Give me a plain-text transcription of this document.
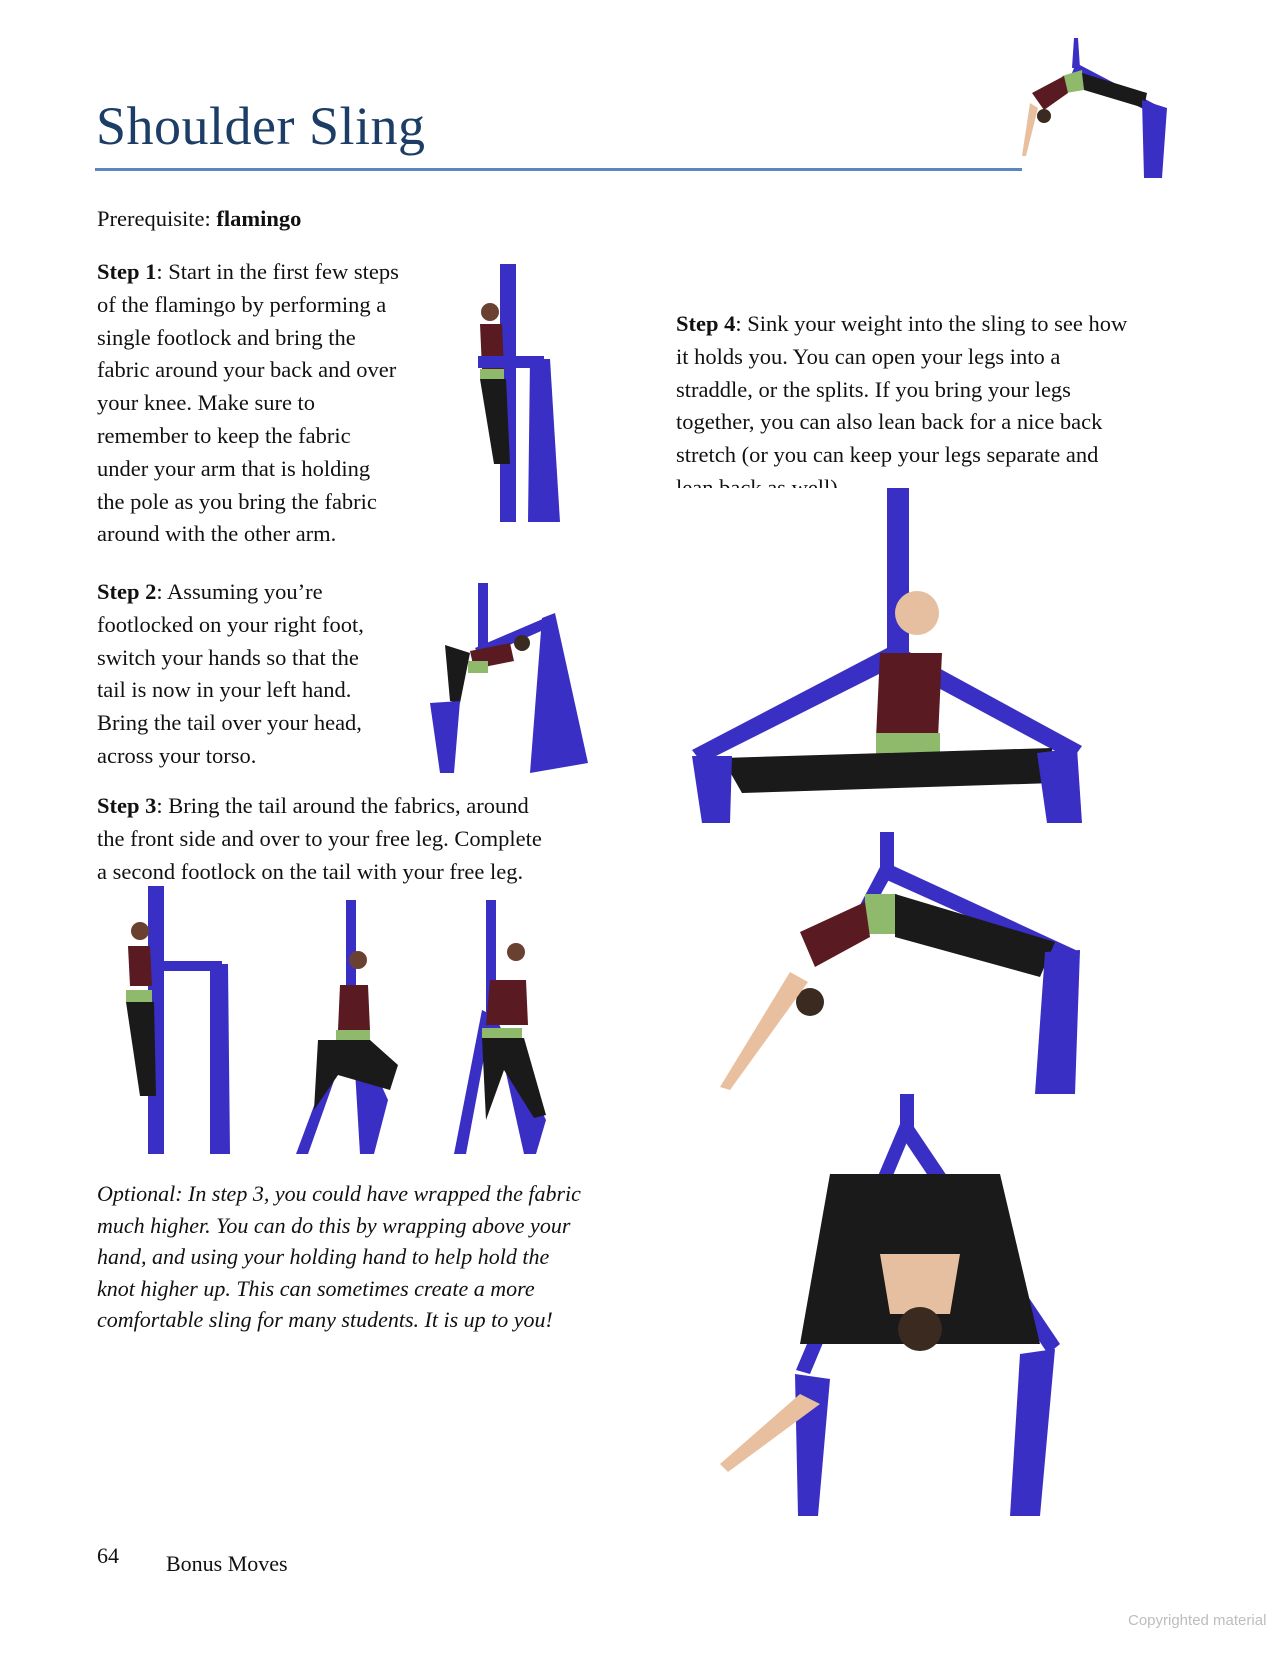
Shoulder Sling
Prerequisite: flamingo
Step 1: Start in the first few steps
of the flamingo by performing a
single footlock and bring the
fabric around your back and over
your knee. Make sure to
remember to keep the fabric
under your arm that is holding
the pole as you bring the fabric
around with the other arm.
Step 2: Assuming you’re
footlocked on your right foot,
switch your hands so that the
tail is now in your left hand.
Bring the tail over your head,
across your torso.
Step 3: Bring the tail around the fabrics, around
the front side and over to your free leg. Complete
a second footlock on the tail with your free leg.
Optional: In step 3, you could have wrapped the fabric
much higher. You can do this by wrapping above your
hand, and using your holding hand to help hold the
knot higher up. This can sometimes create a more
comfortable sling for many students. It is up to you!
Step 4: Sink your weight into the sling to see how
it holds you. You can open your legs into a
straddle, or the splits. If you bring your legs
together, you can also lean back for a nice back
stretch (or you can keep your legs separate and
64 Bonus Moves
Copyrighted material
